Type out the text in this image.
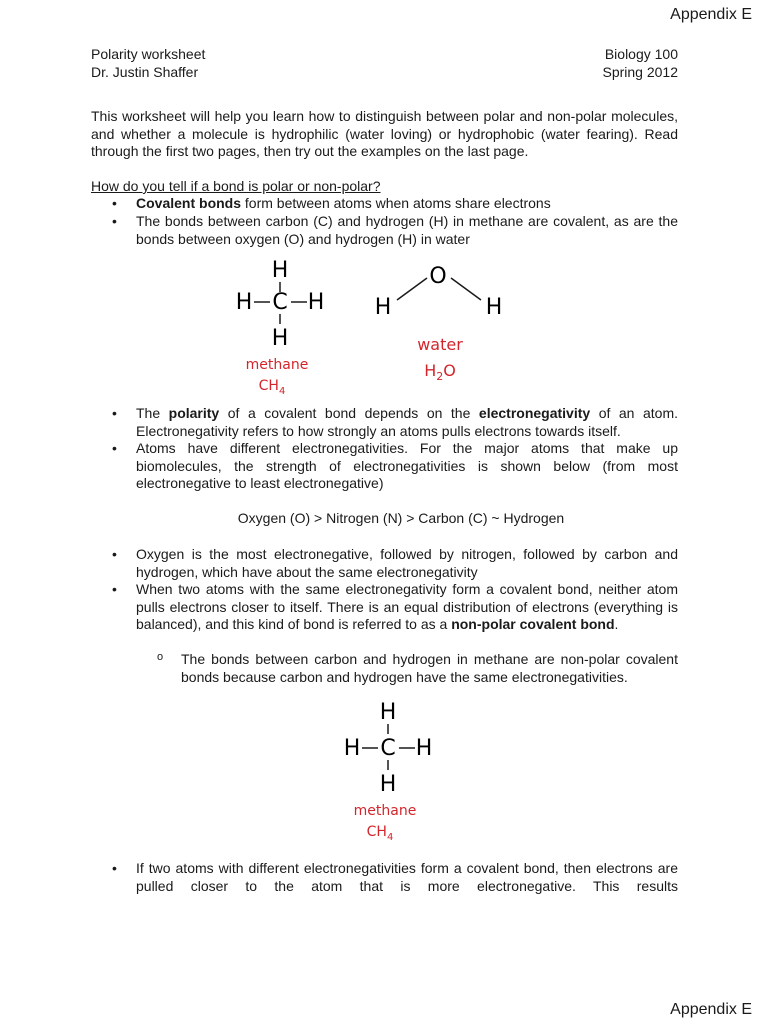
Appendix E
Appendix E
Polarity worksheet
Dr. Justin Shaffer
Biology 100
Spring 2012
This worksheet will help you learn how to distinguish between polar and non-polar molecules, and whether a molecule is hydrophilic (water loving) or hydrophobic (water fearing). Read through the first two pages, then try out the examples on the last page.
How do you tell if a bond is polar or non-polar?
• Covalent bonds form between atoms when atoms share electrons
• The bonds between carbon (C) and hydrogen (H) in methane are covalent, as are the bonds between oxygen (O) and hydrogen (H) in water
H
H C H
H
methane
$CH_4$
O
H	H
water
$H_2O$
• The polarity of a covalent bond depends on the electronegativity of an atom. Electronegativity refers to how strongly an atoms pulls electrons towards itself.
• Atoms have different electronegativities. For the major atoms that make up biomolecules, the strength of electronegativities is shown below (from most electronegative to least electronegative)
Oxygen (O) > Nitrogen (N) > Carbon (C) ~ Hydrogen
• Oxygen is the most electronegative, followed by nitrogen, followed by carbon and hydrogen, which have about the same electronegativity
• When two atoms with the same electronegativity form a covalent bond, neither atom pulls electrons closer to itself. There is an equal distribution of electrons (everything is balanced), and this kind of bond is referred to as a non-polar covalent bond.
o The bonds between carbon and hydrogen in methane are non-polar covalent bonds because carbon and hydrogen have the same electronegativities.
H
H C H
H
methane
$CH_4$
• If two atoms with different electronegativities form a covalent bond, then electrons are pulled closer to the atom that is more electronegative. This results
